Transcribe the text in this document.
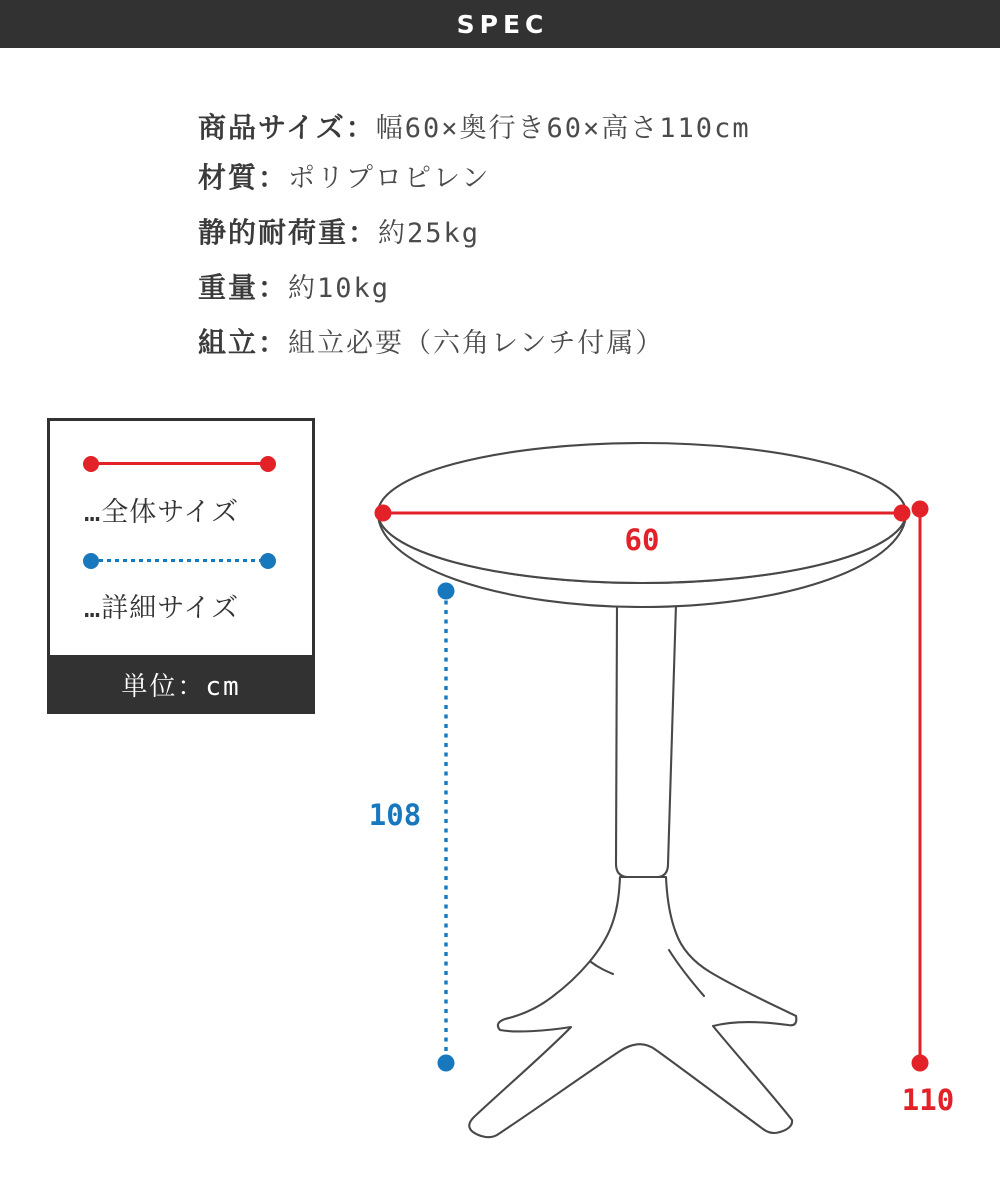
SPEC
商品サイズ：幅60×奥行き60×高さ110cm
材質：ポリプロピレン
静的耐荷重：約25kg
重量：約10kg
組立：組立必要（六角レンチ付属）
…全体サイズ
…詳細サイズ
単位：cm
60
108
110
